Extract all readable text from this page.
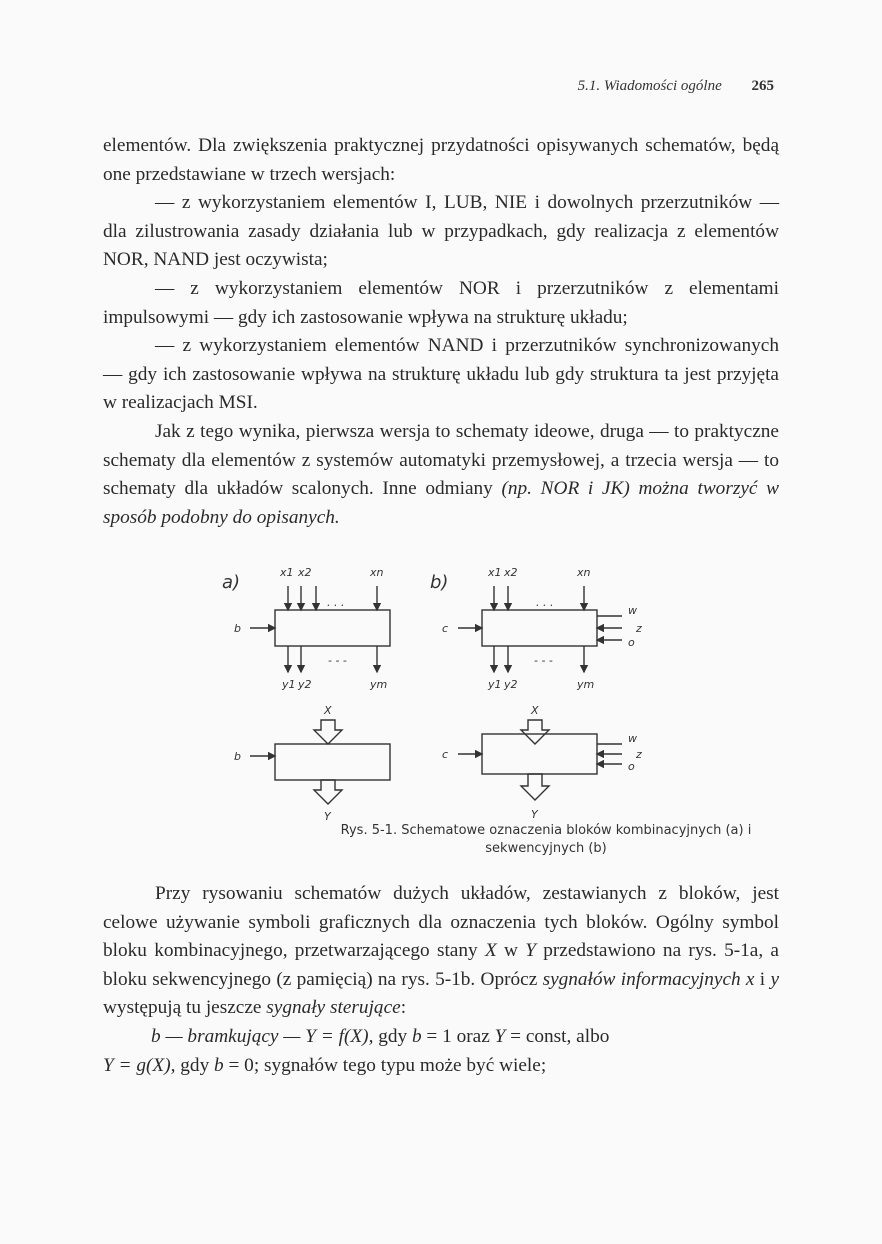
5.1. Wiadomości ogólne 265

elementów. Dla zwiększenia praktycznej przydatności opisywanych schematów, będą one przedstawiane w trzech wersjach:

— z wykorzystaniem elementów I, LUB, NIE i dowolnych przerzutników — dla zilustrowania zasady działania lub w przypadkach, gdy realizacja z elementów NOR, NAND jest oczywista;

— z wykorzystaniem elementów NOR i przerzutników z elementami impulsowymi — gdy ich zastosowanie wpływa na strukturę układu;

— z wykorzystaniem elementów NAND i przerzutników synchronizowanych — gdy ich zastosowanie wpływa na strukturę układu lub gdy struktura ta jest przyjęta w realizacjach MSI.

Jak z tego wynika, pierwsza wersja to schematy ideowe, druga — to praktyczne schematy dla elementów z systemów automatyki przemysłowej, a trzecia wersja — to schematy dla układów scalonych. Inne odmiany (np. NOR i JK) można tworzyć w sposób podobny do opisanych.

a)	x1 x2	xn
. . .
b
- - -
y1 y2	ym
X
b
Y
b)	x1 x2	xn
. . .
c
w
z
o
- - -
y1 y2	ym
X
c
w
z
o
Y
Rys. 5-1. Schematowe oznaczenia bloków kombinacyjnych (a) i sekwencyjnych (b)

Przy rysowaniu schematów dużych układów, zestawianych z bloków, jest celowe używanie symboli graficznych dla oznaczenia tych bloków. Ogólny symbol bloku kombinacyjnego, przetwarzającego stany X w Y przedstawiono na rys. 5-1a, a bloku sekwencyjnego (z pamięcią) na rys. 5-1b. Oprócz sygnałów informacyjnych x i y występują tu jeszcze sygnały sterujące:

b — bramkujący — Y = f(X), gdy b = 1 oraz Y = const, albo

Y = g(X), gdy b = 0; sygnałów tego typu może być wiele;
